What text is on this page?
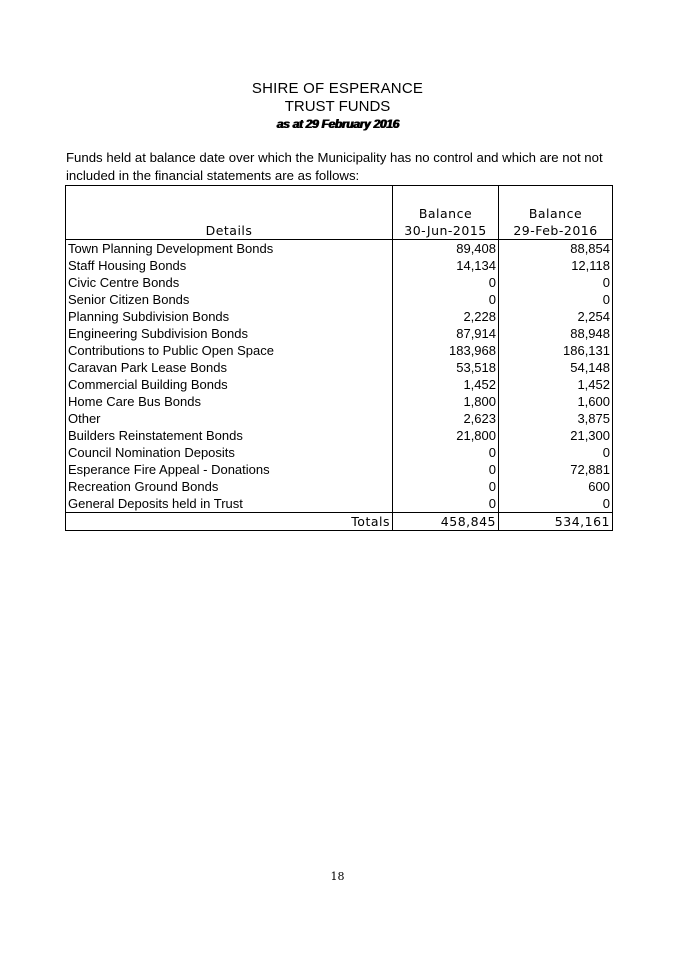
SHIRE OF ESPERANCE
TRUST FUNDS
as at 29 February 2016
Funds held at balance date over which the Municipality has no control and which are not not included in the financial statements are as follows:
	Balance	Balance
Details	30-Jun-2015	29-Feb-2016
Town Planning Development Bonds	89,408	88,854
Staff Housing Bonds	14,134	12,118
Civic Centre Bonds	0	0
Senior Citizen Bonds	0	0
Planning Subdivision Bonds	2,228	2,254
Engineering Subdivision Bonds	87,914	88,948
Contributions to Public Open Space	183,968	186,131
Caravan Park Lease Bonds	53,518	54,148
Commercial Building Bonds	1,452	1,452
Home Care Bus Bonds	1,800	1,600
Other	2,623	3,875
Builders Reinstatement Bonds	21,800	21,300
Council Nomination Deposits	0	0
Esperance Fire Appeal - Donations	0	72,881
Recreation Ground Bonds	0	600
General Deposits held in Trust	0	0
Totals	458,845	534,161
18
